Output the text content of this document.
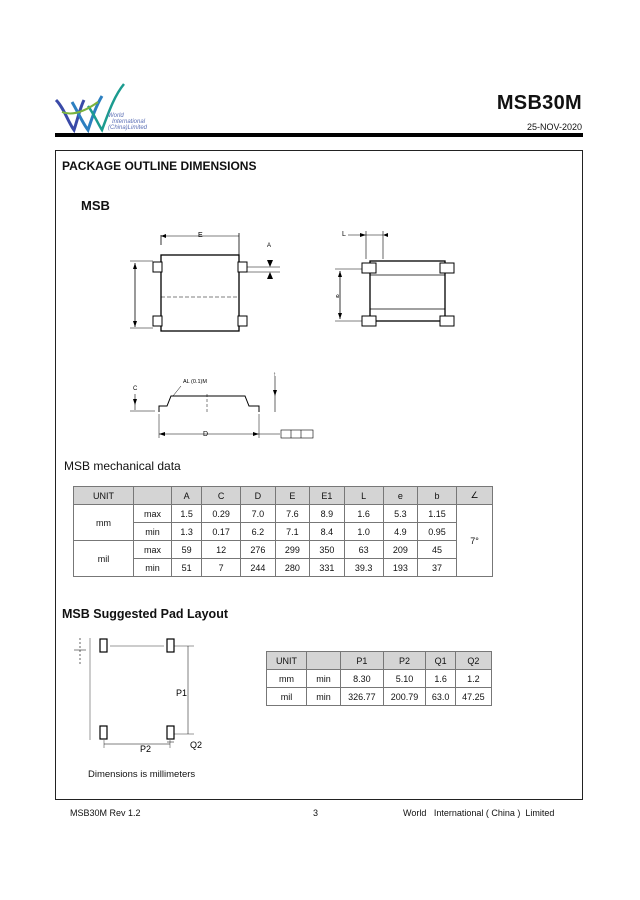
World
International
(China)Limited
MSB30M
25-NOV-2020
PACKAGE OUTLINE DIMENSIONS
MSB
E
A
L
e
C
AL (0.1)M
↑
D
MSB mechanical data
UNIT		A	C	D	E	E1	L	e	b	∠
mm	max	1.5	0.29	7.0	7.6	8.9	1.6	5.3	1.15	7°
	min	1.3	0.17	6.2	7.1	8.4	1.0	4.9	0.95	
mil	max	59	12	276	299	350	63	209	45	
	min	51	7	244	280	331	39.3	193	37	
MSB Suggested Pad Layout
P1
P2	Q2
UNIT		P1	P2	Q1	Q2
mm	min	8.30	5.10	1.6	1.2
mil	min	326.77	200.79	63.0	47.25
Dimensions is millimeters
MSB30M Rev 1.2	3	World   International ( China )  Limited
